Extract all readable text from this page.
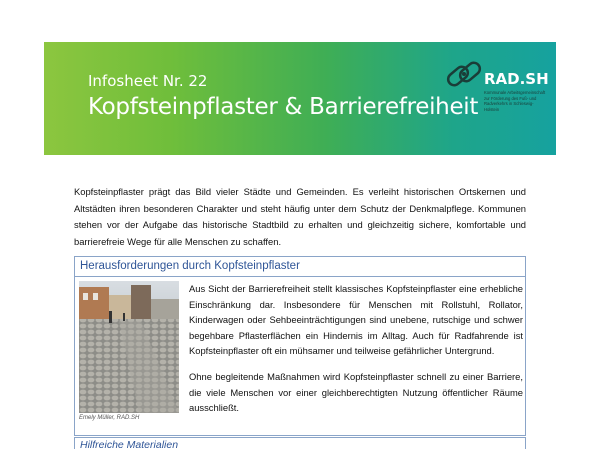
Infosheet Nr. 22
Kopfsteinpflaster & Barrierefreiheit
RAD.SH
Kommunale Arbeitsgemeinschaft zur Förderung des Fuß- und Radverkehrs in Schleswig-Holstein
Kopfsteinpflaster prägt das Bild vieler Städte und Gemeinden. Es verleiht historischen Ortskernen und Altstädten ihren besonderen Charakter und steht häufig unter dem Schutz der Denkmalpflege. Kommunen stehen vor der Aufgabe das historische Stadtbild zu erhalten und gleichzeitig sichere, komfortable und barrierefreie Wege für alle Menschen zu schaffen.
Herausforderungen durch Kopfsteinpflaster
Emely Müller, RAD.SH

Aus Sicht der Barrierefreiheit stellt klassisches Kopfsteinpflaster eine erhebliche Einschränkung dar. Insbesondere für Menschen mit Rollstuhl, Rollator, Kinderwagen oder Sehbeeinträchtigungen sind unebene, rutschige und schwer begehbare Pflasterflächen ein Hindernis im Alltag. Auch für Radfahrende ist Kopfsteinpflaster oft ein mühsamer und teilweise gefährlicher Untergrund.

Ohne begleitende Maßnahmen wird Kopfsteinpflaster schnell zu einer Barriere, die viele Menschen vor einer gleichberechtigten Nutzung öffentlicher Räume ausschließt.

Hilfreiche Materialien
